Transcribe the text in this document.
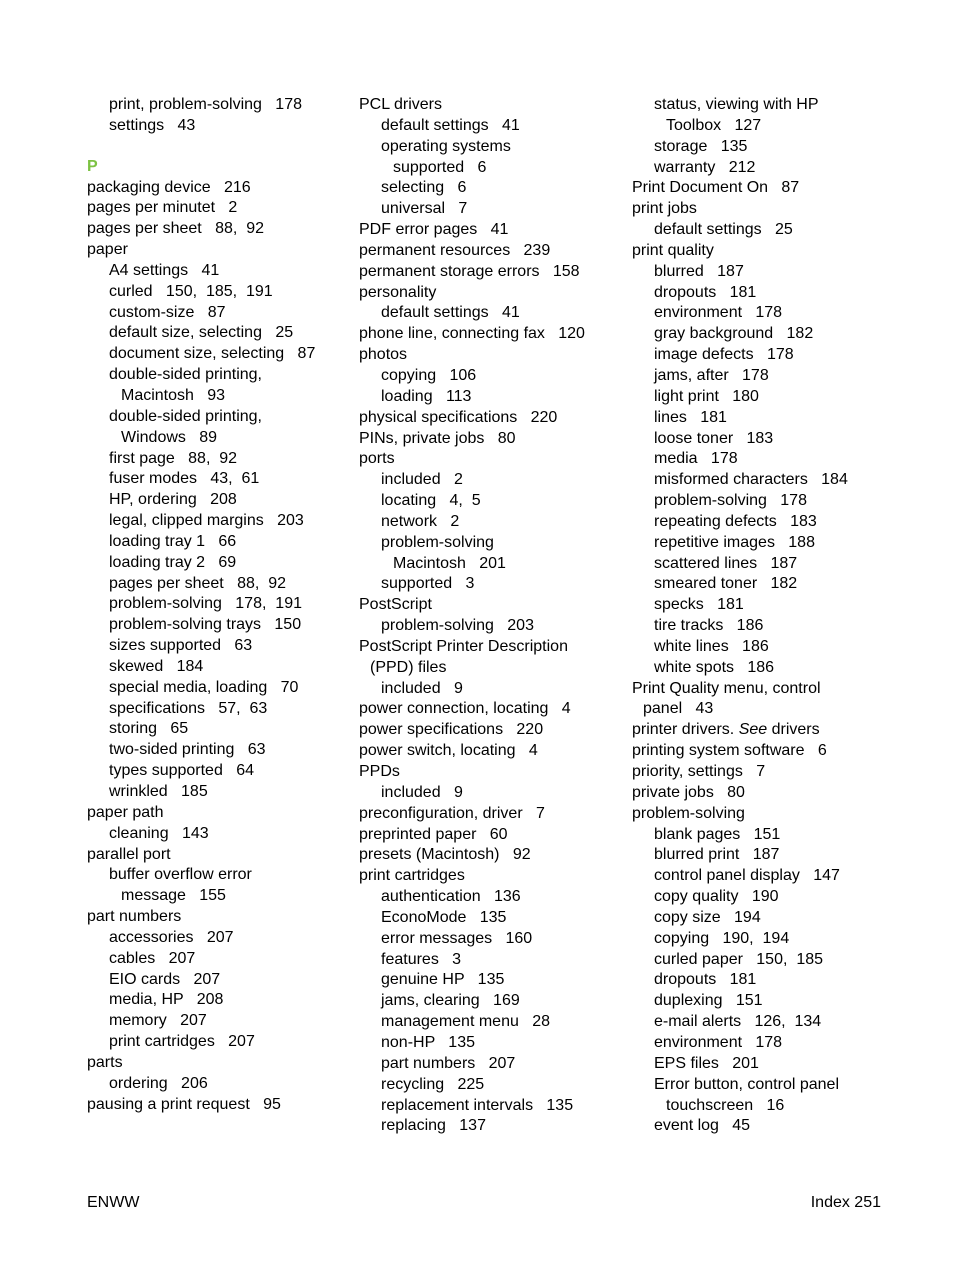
print, problem-solving   178
settings   43
P
packaging device   216
pages per minutet   2
pages per sheet   88,  92
paper
A4 settings   41
curled   150,  185,  191
custom-size   87
default size, selecting   25
document size, selecting   87
double-sided printing,
Macintosh   93
double-sided printing,
Windows   89
first page   88,  92
fuser modes   43,  61
HP, ordering   208
legal, clipped margins   203
loading tray 1   66
loading tray 2   69
pages per sheet   88,  92
problem-solving   178,  191
problem-solving trays   150
sizes supported   63
skewed   184
special media, loading   70
specifications   57,  63
storing   65
two-sided printing   63
types supported   64
wrinkled   185
paper path
cleaning   143
parallel port
buffer overflow error
message   155
part numbers
accessories   207
cables   207
EIO cards   207
media, HP   208
memory   207
print cartridges   207
parts
ordering   206
pausing a print request   95
PCL drivers
default settings   41
operating systems
supported   6
selecting   6
universal   7
PDF error pages   41
permanent resources   239
permanent storage errors   158
personality
default settings   41
phone line, connecting fax   120
photos
copying   106
loading   113
physical specifications   220
PINs, private jobs   80
ports
included   2
locating   4,  5
network   2
problem-solving
Macintosh   201
supported   3
PostScript
problem-solving   203
PostScript Printer Description
(PPD) files
included   9
power connection, locating   4
power specifications   220
power switch, locating   4
PPDs
included   9
preconfiguration, driver   7
preprinted paper   60
presets (Macintosh)   92
print cartridges
authentication   136
EconoMode   135
error messages   160
features   3
genuine HP   135
jams, clearing   169
management menu   28
non-HP   135
part numbers   207
recycling   225
replacement intervals   135
replacing   137
status, viewing with HP
Toolbox   127
storage   135
warranty   212
Print Document On   87
print jobs
default settings   25
print quality
blurred   187
dropouts   181
environment   178
gray background   182
image defects   178
jams, after   178
light print   180
lines   181
loose toner   183
media   178
misformed characters   184
problem-solving   178
repeating defects   183
repetitive images   188
scattered lines   187
smeared toner   182
specks   181
tire tracks   186
white lines   186
white spots   186
Print Quality menu, control
panel   43
printer drivers. See drivers
printing system software   6
priority, settings   7
private jobs   80
problem-solving
blank pages   151
blurred print   187
control panel display   147
copy quality   190
copy size   194
copying   190,  194
curled paper   150,  185
dropouts   181
duplexing   151
e-mail alerts   126,  134
environment   178
EPS files   201
Error button, control panel
touchscreen   16
event log   45
ENWW	Index 251
